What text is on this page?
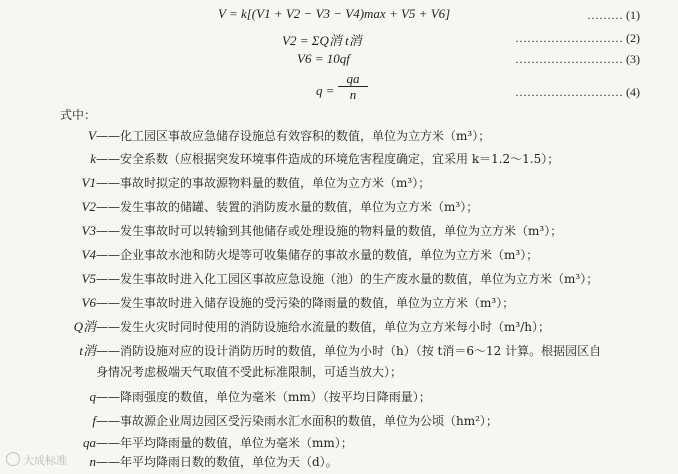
V = k[(V1 + V2 − V3 − V4)max + V5 + V6]	……… (1)
V2 = ΣQ消 t消	……………………… (2)
V6 = 10qf	……………………… (3)
$q = \frac{qa}{n}$	……………………… (4)
式中：
V ——化工园区事故应急储存设施总有效容积的数值，单位为立方米（m³）；
k ——安全系数（应根据突发环境事件造成的环境危害程度确定，宜采用 k＝1.2～1.5）；
V1 ——事故时拟定的事故源物料量的数值，单位为立方米（m³）；
V2 ——发生事故的储罐、装置的消防废水量的数值，单位为立方米（m³）；
V3 ——发生事故时可以转输到其他储存或处理设施的物料量的数值，单位为立方米（m³）；
V4 ——企业事故水池和防火堤等可收集储存的事故水量的数值，单位为立方米（m³）；
V5 ——发生事故时进入化工园区事故应急设施（池）的生产废水量的数值，单位为立方米（m³）；
V6 ——发生事故时进入储存设施的受污染的降雨量的数值，单位为立方米（m³）；
Q消 ——发生火灾时同时使用的消防设施给水流量的数值，单位为立方米每小时（m³/h）；
t消 ——消防设施对应的设计消防历时的数值，单位为小时（h）（按 t消＝6～12 计算。根据园区自
身情况考虑极端天气取值不受此标准限制，可适当放大）；
q ——降雨强度的数值，单位为毫米（mm）（按平均日降雨量）；
f ——事故源企业周边园区受污染雨水汇水面积的数值，单位为公顷（hm²）；
qa ——年平均降雨量的数值，单位为毫米（mm）；
n ——年平均降雨日数的数值，单位为天（d）。
大成标准
